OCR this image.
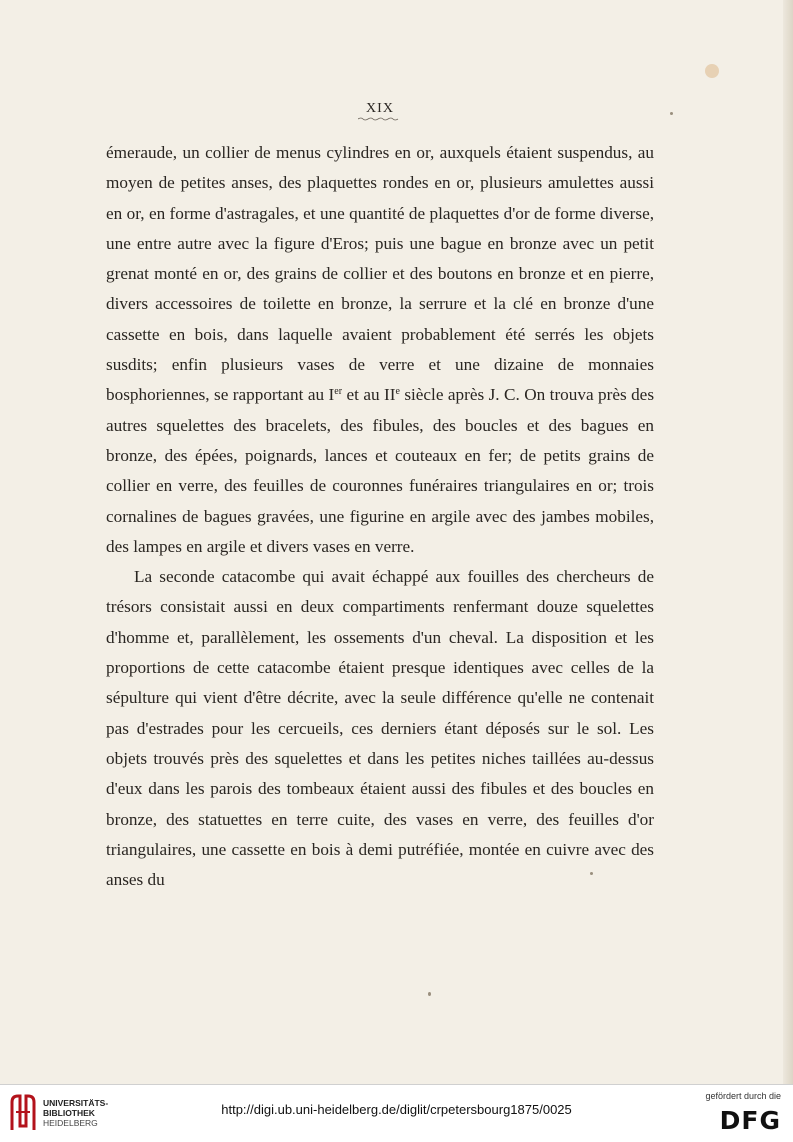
XIX

émeraude, un collier de menus cylindres en or, auxquels étaient suspendus, au moyen de petites anses, des plaquettes rondes en or, plusieurs amulettes aussi en or, en forme d'astragales, et une quantité de plaquettes d'or de forme diverse, une entre autre avec la figure d'Eros; puis une bague en bronze avec un petit grenat monté en or, des grains de collier et des boutons en bronze et en pierre, divers accessoires de toilette en bronze, la serrure et la clé en bronze d'une cassette en bois, dans laquelle avaient probablement été serrés les objets susdits; enfin plusieurs vases de verre et une dizaine de monnaies bosphoriennes, se rapportant au Ier et au IIe siècle après J. C. On trouva près des autres squelettes des bracelets, des fibules, des boucles et des bagues en bronze, des épées, poignards, lances et couteaux en fer; de petits grains de collier en verre, des feuilles de couronnes funéraires triangulaires en or; trois cornalines de bagues gravées, une figurine en argile avec des jambes mobiles, des lampes en argile et divers vases en verre.

La seconde catacombe qui avait échappé aux fouilles des chercheurs de trésors consistait aussi en deux compartiments renfermant douze squelettes d'homme et, parallèlement, les ossements d'un cheval. La disposition et les proportions de cette catacombe étaient presque identiques avec celles de la sépulture qui vient d'être décrite, avec la seule différence qu'elle ne contenait pas d'estrades pour les cercueils, ces derniers étant déposés sur le sol. Les objets trouvés près des squelettes et dans les petites niches taillées au-dessus d'eux dans les parois des tombeaux étaient aussi des fibules et des boucles en bronze, des statuettes en terre cuite, des vases en verre, des feuilles d'or triangulaires, une cassette en bois à demi putréfiée, montée en cuivre avec des anses du

UNIVERSITÄTS-
BIBLIOTHEK
HEIDELBERG
http://digi.ub.uni-heidelberg.de/diglit/crpetersbourg1875/0025
gefördert durch die
DFG
